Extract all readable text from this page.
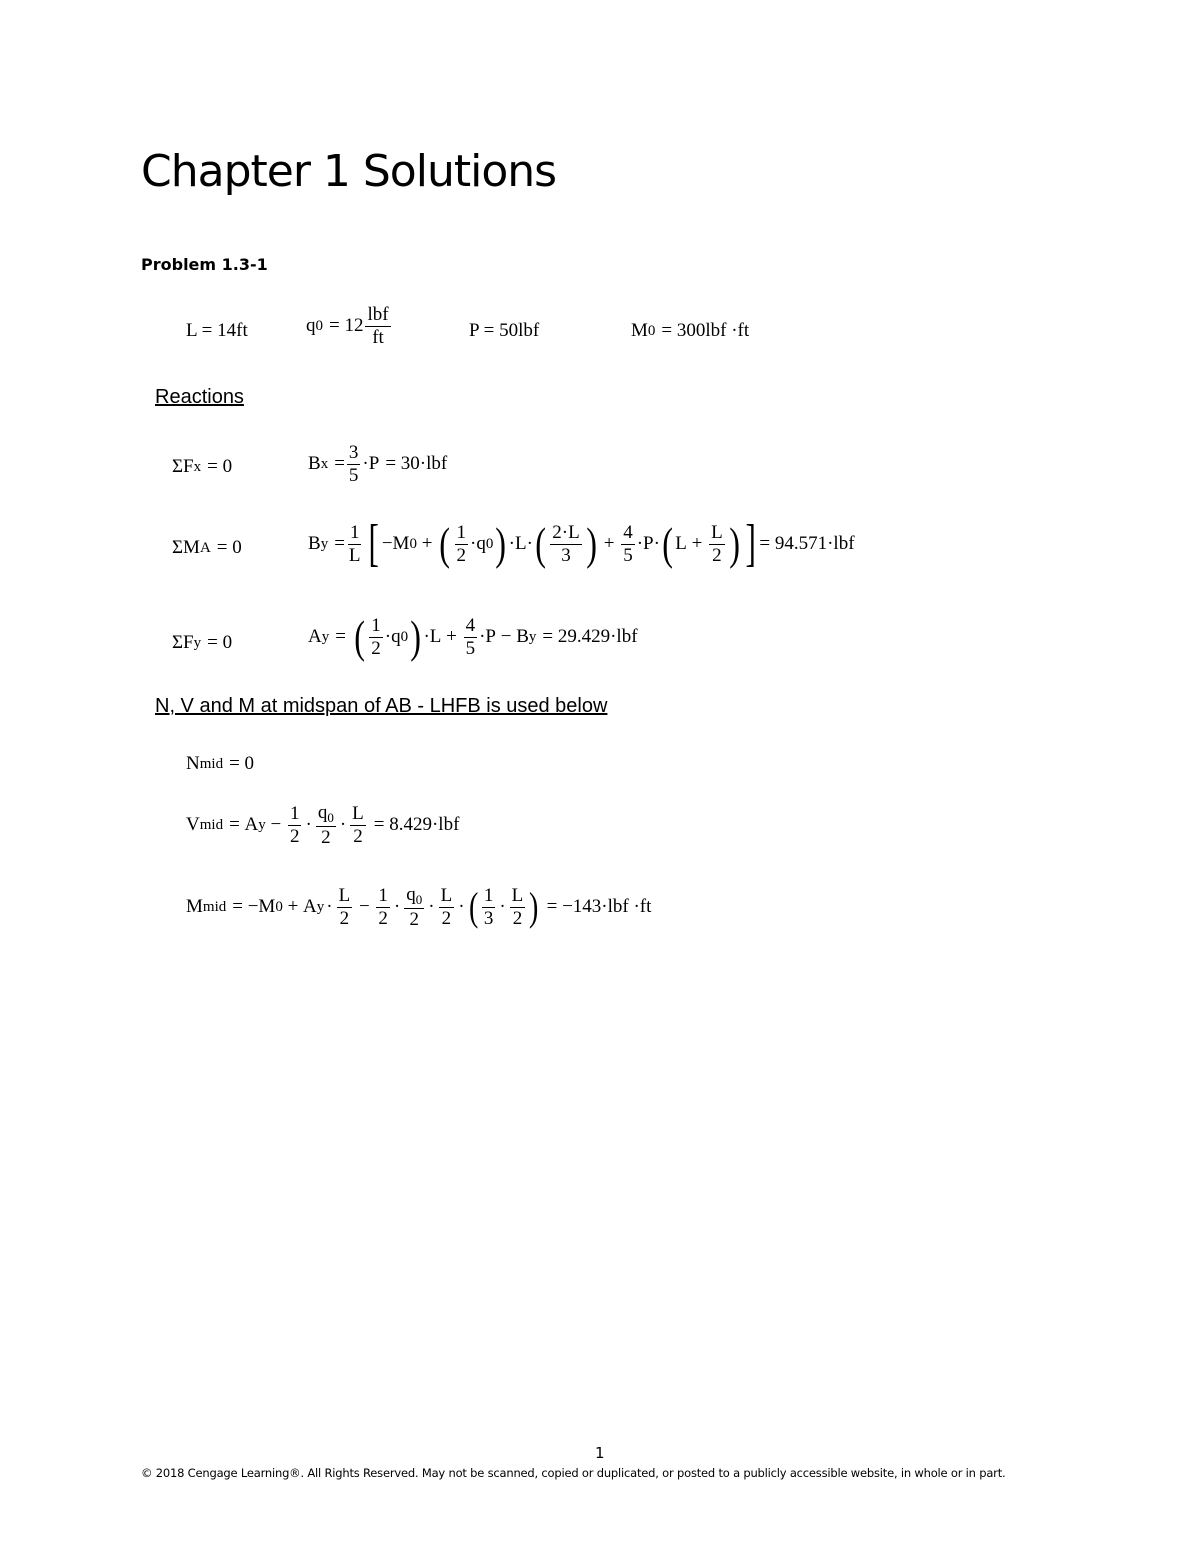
Chapter 1 Solutions
Problem 1.3-1
L = 14ft	q $0 = 12 \frac{\text{lbf}}{ft}$	P = 50lbf	M 0 = 300lbf ·ft
Reactions
ΣF x = 0	B $x = \frac{3}{5} \cdot P = 30\cdot lbf$
ΣM A = 0	B $y = \frac{1}{L}$ [ −M 0 + ( $\frac{1}{2} \cdot q$ 0 ) ·L· ( $\frac{2\cdot L}{3}$ ) + $\frac{4}{5} \cdot P\cdot$ ( $L + \frac{L}{2}$ ) ] = 94.571·lbf
ΣF y = 0	A y = ( $\frac{1}{2} \cdot q$ 0 ) $\cdot L + \frac{4}{5} \cdot P - B$ y = 29.429·lbf
N, V and M at midspan of AB - LHFB is used below
N mid = 0
V mid = A $y - \frac{1}{2} \cdot \frac{q_0}{2} \cdot \frac{L}{2} = 8.429\cdot lbf$
M mid = −M 0 + A $y \cdot \frac{L}{2} - \frac{1}{2} \cdot \frac{q_0}{2} \cdot \frac{L}{2}$ · ( $\frac{1}{3} \cdot \frac{L}{2}$ ) = −143·lbf ·ft
1
© 2018 Cengage Learning®. All Rights Reserved. May not be scanned, copied or duplicated, or posted to a publicly accessible website, in whole or in part.
